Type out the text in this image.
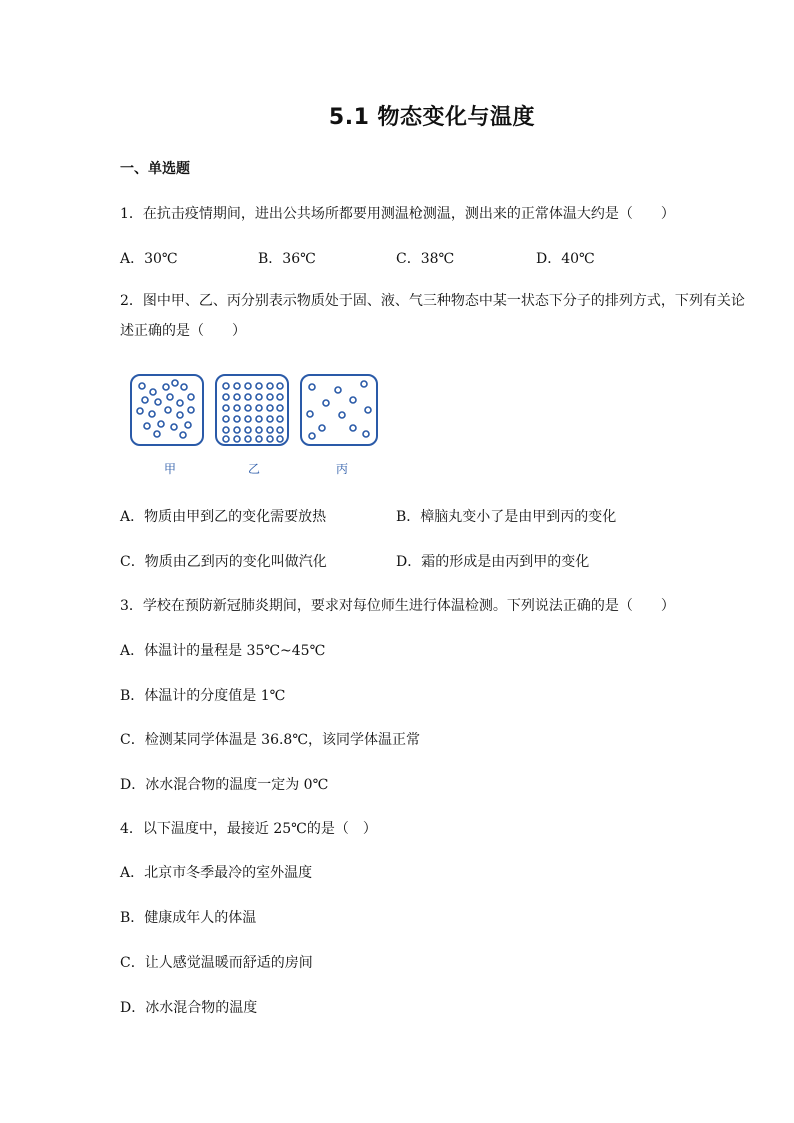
5.1 物态变化与温度
一、单选题
1．在抗击疫情期间，进出公共场所都要用测温枪测温，测出来的正常体温大约是（　　）
A．30℃	B．36℃	C．38℃	D．40℃
2．图中甲、乙、丙分别表示物质处于固、液、气三种物态中某一状态下分子的排列方式，下列有关论述正确的是（　　）
甲	乙	丙
A．物质由甲到乙的变化需要放热	B．樟脑丸变小了是由甲到丙的变化
C．物质由乙到丙的变化叫做汽化	D．霜的形成是由丙到甲的变化
3．学校在预防新冠肺炎期间，要求对每位师生进行体温检测。下列说法正确的是（　　）
A．体温计的量程是 35℃~45℃
B．体温计的分度值是 1℃
C．检测某同学体温是 36.8℃，该同学体温正常
D．冰水混合物的温度一定为 0℃
4．以下温度中，最接近 25℃的是（　）
A．北京市冬季最冷的室外温度
B．健康成年人的体温
C．让人感觉温暖而舒适的房间
D．冰水混合物的温度
